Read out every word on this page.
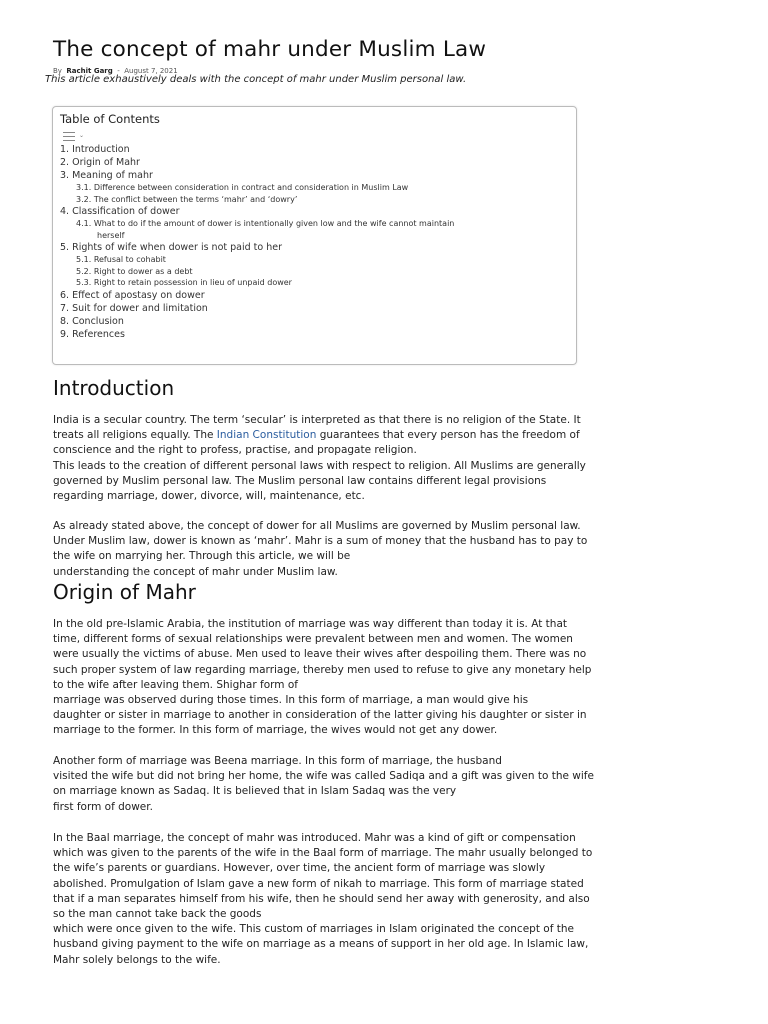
The concept of mahr under Muslim Law
By Rachit Garg - August 7, 2021
This article exhaustively deals with the concept of mahr under Muslim personal law.
Table of Contents
⌄
1. Introduction
2. Origin of Mahr
3. Meaning of mahr
3.1. Difference between consideration in contract and consideration in Muslim Law
3.2. The conflict between the terms ‘mahr’ and ‘dowry’
4. Classification of dower
4.1. What to do if the amount of dower is intentionally given low and the wife cannot maintain
herself
5. Rights of wife when dower is not paid to her
5.1. Refusal to cohabit
5.2. Right to dower as a debt
5.3. Right to retain possession in lieu of unpaid dower
6. Effect of apostasy on dower
7. Suit for dower and limitation
8. Conclusion
9. References
Introduction
India is a secular country. The term ‘secular’ is interpreted as that there is no religion of the State. It
treats all religions equally. The Indian Constitution guarantees that every person has the freedom of
conscience and the right to profess, practise, and propagate religion.
This leads to the creation of different personal laws with respect to religion. All Muslims are generally
governed by Muslim personal law. The Muslim personal law contains different legal provisions
regarding marriage, dower, divorce, will, maintenance, etc.
As already stated above, the concept of dower for all Muslims are governed by Muslim personal law.
Under Muslim law, dower is known as ‘mahr’. Mahr is a sum of money that the husband has to pay to
the wife on marrying her. Through this article, we will be
understanding the concept of mahr under Muslim law.
Origin of Mahr
In the old pre-Islamic Arabia, the institution of marriage was way different than today it is. At that
time, different forms of sexual relationships were prevalent between men and women. The women
were usually the victims of abuse. Men used to leave their wives after despoiling them. There was no
such proper system of law regarding marriage, thereby men used to refuse to give any monetary help
to the wife after leaving them. Shighar form of
marriage was observed during those times. In this form of marriage, a man would give his
daughter or sister in marriage to another in consideration of the latter giving his daughter or sister in
marriage to the former. In this form of marriage, the wives would not get any dower.
Another form of marriage was Beena marriage. In this form of marriage, the husband
visited the wife but did not bring her home, the wife was called Sadiqa and a gift was given to the wife
on marriage known as Sadaq. It is believed that in Islam Sadaq was the very
first form of dower.
In the Baal marriage, the concept of mahr was introduced. Mahr was a kind of gift or compensation
which was given to the parents of the wife in the Baal form of marriage. The mahr usually belonged to
the wife’s parents or guardians. However, over time, the ancient form of marriage was slowly
abolished. Promulgation of Islam gave a new form of nikah to marriage. This form of marriage stated
that if a man separates himself from his wife, then he should send her away with generosity, and also
so the man cannot take back the goods
which were once given to the wife. This custom of marriages in Islam originated the concept of the
husband giving payment to the wife on marriage as a means of support in her old age. In Islamic law,
Mahr solely belongs to the wife.
